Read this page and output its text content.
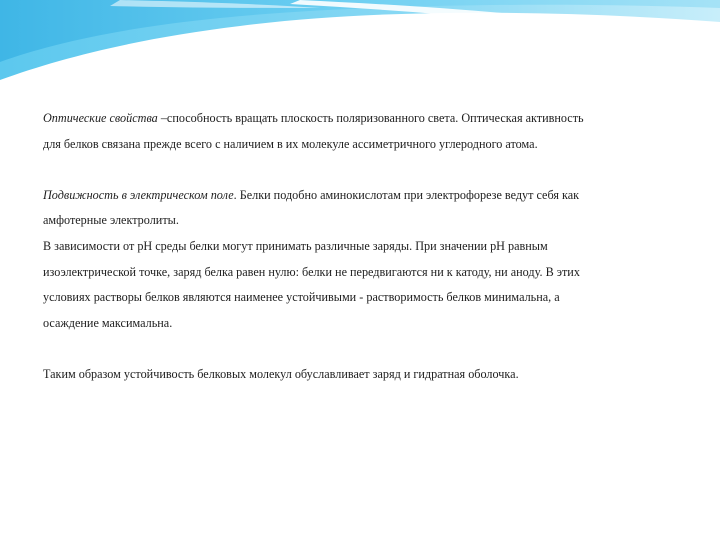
Оптические свойства –способность вращать плоскость поляризованного света. Оптическая активность
для белков связана прежде всего с наличием в их молекуле ассиметричного углеродного атома.

Подвижность в электрическом поле. Белки подобно аминокислотам при электрофорезе ведут себя как
амфотерные электролиты.
В зависимости от рН среды белки могут принимать различные заряды. При значении рН равным
изоэлектрической точке, заряд белка равен нулю: белки не передвигаются ни к катоду, ни аноду. В этих
условиях растворы белков являются наименее устойчивыми - растворимость белков минимальна, а
осаждение максимальна.

Таким образом устойчивость белковых молекул обуславливает заряд и гидратная оболочка.
